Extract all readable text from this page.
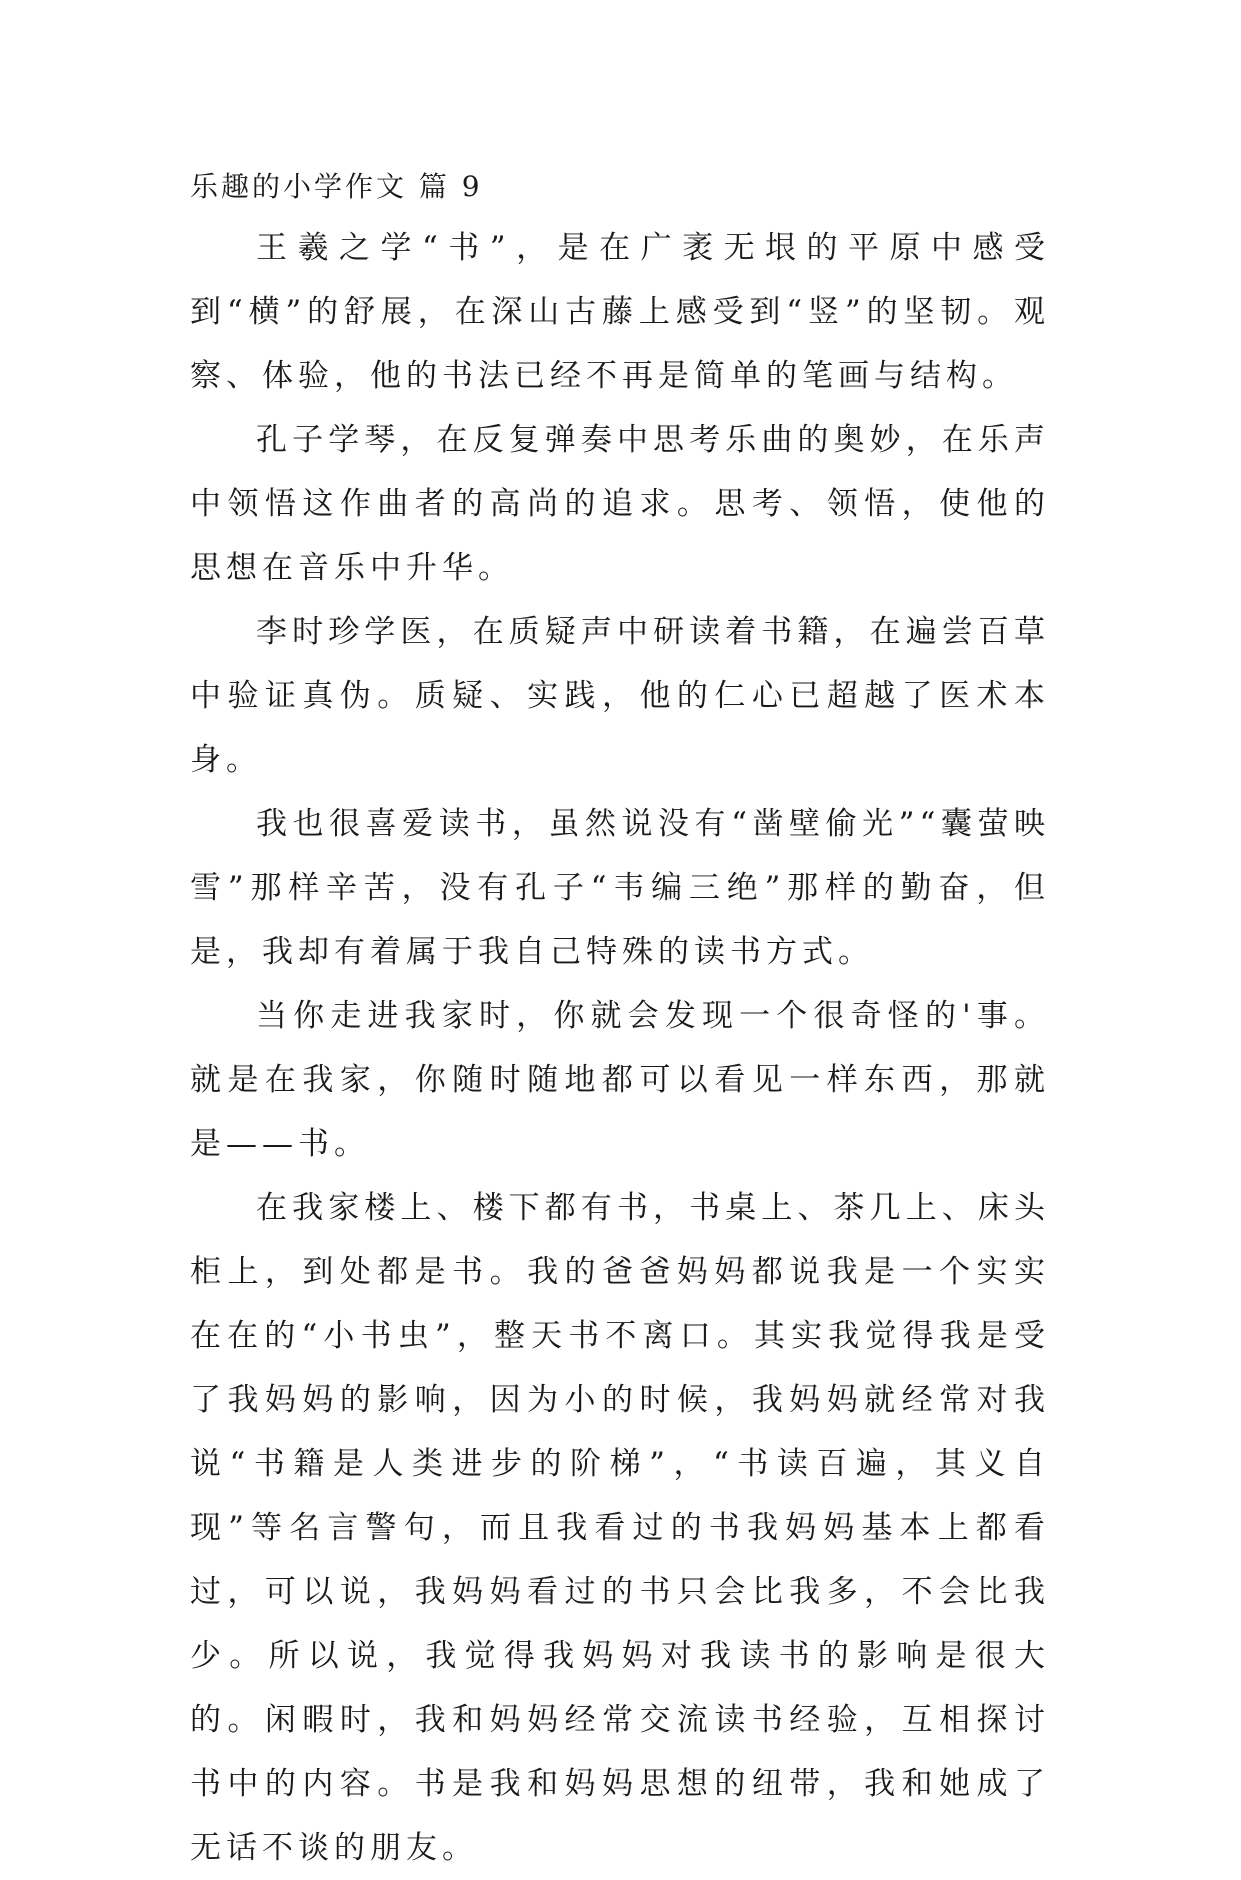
乐趣的小学作文 篇 9

王羲之学“书”，是在广袤无垠的平原中感受到“横”的舒展，在深山古藤上感受到“竖”的坚韧。观察、体验，他的书法已经不再是简单的笔画与结构。

孔子学琴，在反复弹奏中思考乐曲的奥妙，在乐声中领悟这作曲者的高尚的追求。思考、领悟，使他的思想在音乐中升华。

李时珍学医，在质疑声中研读着书籍，在遍尝百草中验证真伪。质疑、实践，他的仁心已超越了医术本身。

我也很喜爱读书，虽然说没有“凿壁偷光”“囊萤映雪”那样辛苦，没有孔子“韦编三绝”那样的勤奋，但是，我却有着属于我自己特殊的读书方式。

当你走进我家时，你就会发现一个很奇怪的'事。就是在我家，你随时随地都可以看见一样东西，那就是——书。

在我家楼上、楼下都有书，书桌上、茶几上、床头柜上，到处都是书。我的爸爸妈妈都说我是一个实实在在的“小书虫”，整天书不离口。其实我觉得我是受了我妈妈的影响，因为小的时候，我妈妈就经常对我说“书籍是人类进步的阶梯”，“书读百遍，其义自现”等名言警句，而且我看过的书我妈妈基本上都看过，可以说，我妈妈看过的书只会比我多，不会比我少。所以说，我觉得我妈妈对我读书的影响是很大的。闲暇时，我和妈妈经常交流读书经验，互相探讨书中的内容。书是我和妈妈思想的纽带，我和她成了无话不谈的朋友。
